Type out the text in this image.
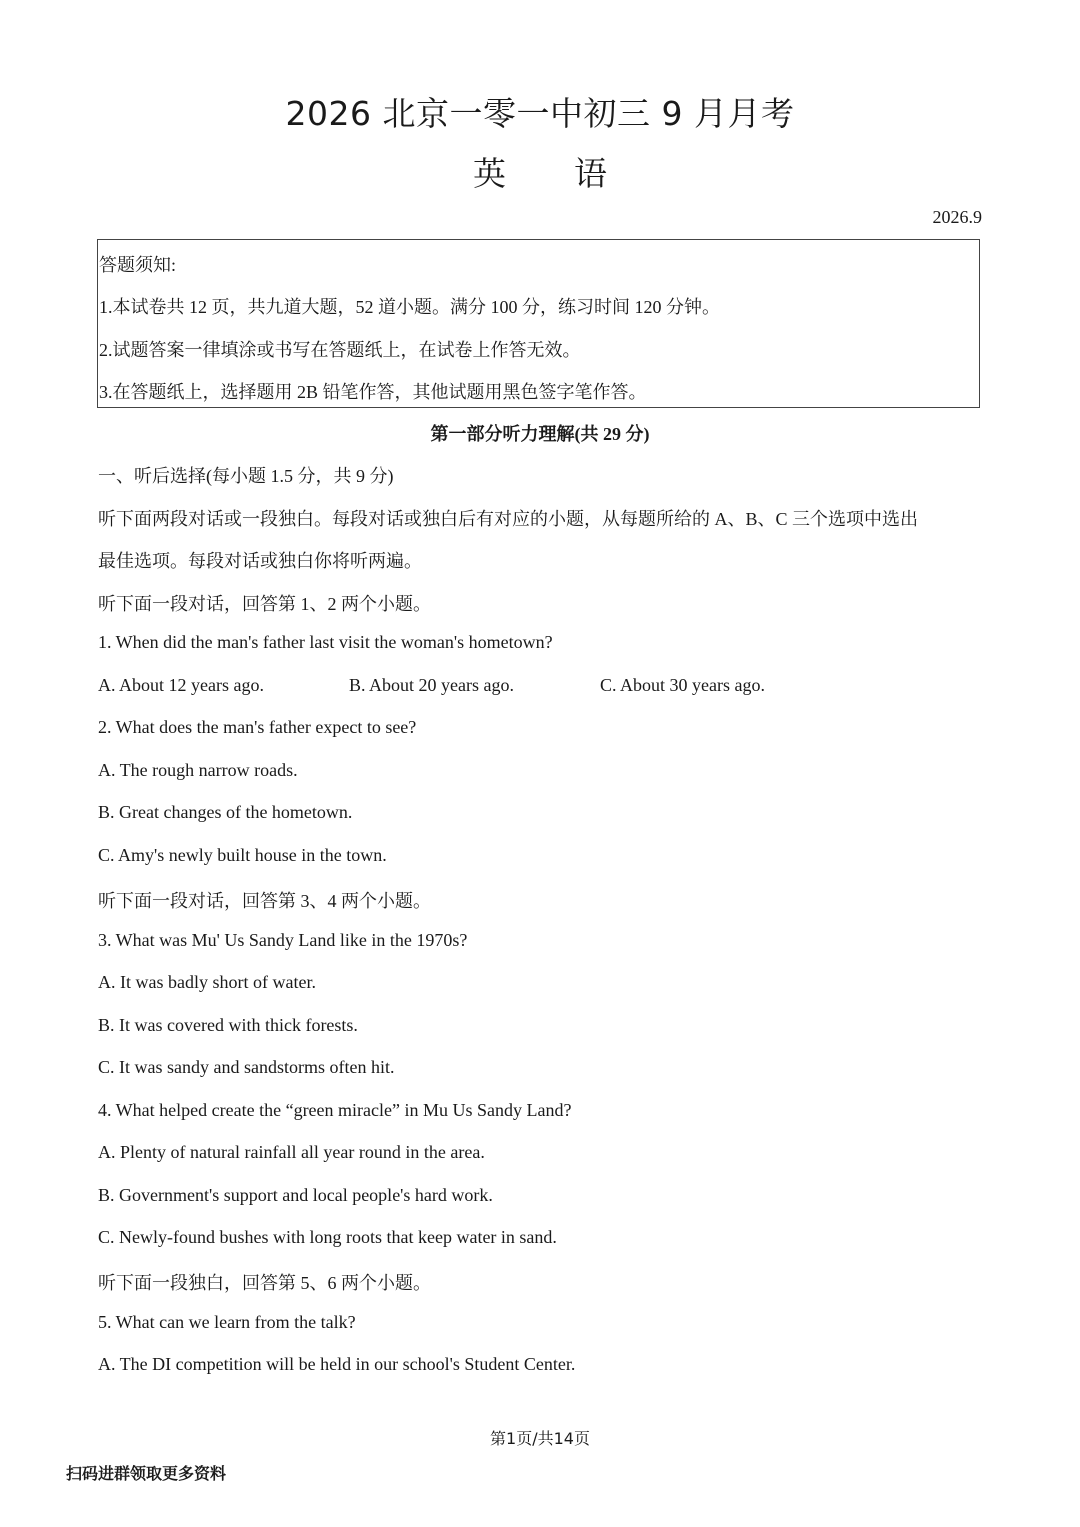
2026 北京一零一中初三 9 月月考
英 语
2026.9
答题须知:
1.本试卷共 12 页，共九道大题，52 道小题。满分 100 分，练习时间 120 分钟。
2.试题答案一律填涂或书写在答题纸上，在试卷上作答无效。
3.在答题纸上，选择题用 2B 铅笔作答，其他试题用黑色签字笔作答。
第一部分听力理解(共 29 分)
一、听后选择(每小题 1.5 分，共 9 分)
听下面两段对话或一段独白。每段对话或独白后有对应的小题，从每题所给的 A、B、C 三个选项中选出
最佳选项。每段对话或独白你将听两遍。
听下面一段对话，回答第 1、2 两个小题。
1. When did the man's father last visit the woman's hometown?
A. About 12 years ago.	B. About 20 years ago.	C. About 30 years ago.
2. What does the man's father expect to see?
A. The rough narrow roads.
B. Great changes of the hometown.
C. Amy's newly built house in the town.
听下面一段对话，回答第 3、4 两个小题。
3. What was Mu' Us Sandy Land like in the 1970s?
A. It was badly short of water.
B. It was covered with thick forests.
C. It was sandy and sandstorms often hit.
4. What helped create the “green miracle” in Mu Us Sandy Land?
A. Plenty of natural rainfall all year round in the area.
B. Government's support and local people's hard work.
C. Newly-found bushes with long roots that keep water in sand.
听下面一段独白，回答第 5、6 两个小题。
5. What can we learn from the talk?
A. The DI competition will be held in our school's Student Center.
第1页/共14页
扫码进群领取更多资料
